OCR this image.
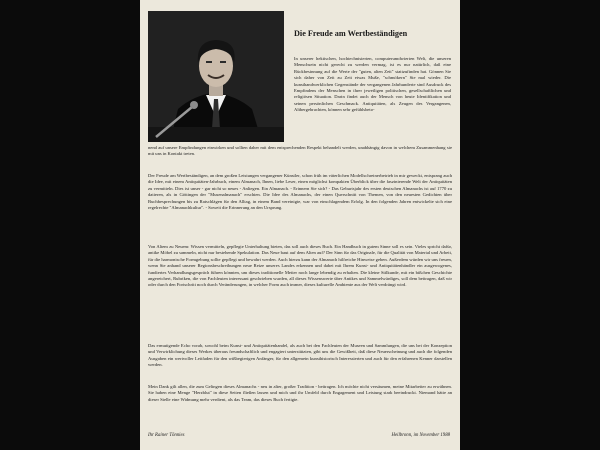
Die Freude am Wertbeständigen

In unserer hektischen, hochtechnisierten, computerumdwierten Welt, die unseren Menschsein nicht gerecht zu werden vermag, ist es nur natürlich, daß eine Rückbesinnung auf die Werte der "guten, alten Zeit" stattzufinden hat. Gönnen Sie sich daher von Zeit zu Zeit etwas Muße, "schmökern" Sie mal wieder. Die kunsthandwerklichen Gegenstände der vergangenen Jahrhunderte sind Ausdruck des Empfindens der Menschen in ihrer jeweiligen politischen, gesellschaftlichen und religiösen Situation. Darin findet auch der Mensch von heute Identifikation und seinen persönlichen Geschmack. Antiquitäten, als Zeugen des Vergangenen, Altbergebrachten, können sehr gefühlsbeto-

nend auf unsere Empfindungen einwirken und sollten daher mit dem entsprechenden Respekt behandelt werden, unabhängig davon in welchem Zusammenhang sie mit uns in Kontakt treten.

Der Freude am Wertbeständigen, an dem großen Leistungen vergangener Künstler, schon früh im väterlichen Modellschreinerbetrieb in mir geweckt, entsprang auch die Idee, mit einem Antiquitäten-Jahrbuch, einem Almanach, Ihnen, liebe Leser, einen möglichst kompakten Überblick über die faszinierende Welt der Antiquitäten zu vermitteln. Dies ist unser - gar nicht so neues - Anliegen. Ein Almanach. - Erinnern Sie sich? - Das Geburtsjahr des ersten deutschen Almanachs ist auf 1770 zu datieren, als in Göttingen der "Musenalmanach" erschien. Die Idee des Almanachs, der einen Querschnitt von Themen, von den neuesten Gedichten über Buchbesprechungen bis zu Ratschlägen für den Alltag, in einem Band vereinigte, war von einschlagendem Erfolg. In den folgenden Jahren entwickelte sich eine regelrechte "Almanachkultur". - Soweit die Erinnerung an den Ursprung.

Von Altem zu Neuem: Wissen vermitteln, gepflegte Unterhaltung bieten, das soll auch dieses Buch. Ein Handbuch in gutem Sinne soll es sein. Vieles spricht dafür, antike Möbel zu sammeln, nicht nur bestehende Spekulation. Das Neue baut auf dem Alten auf? Der Sinn für das Originale, für die Qualität von Material und Arbeit, für die harmonische Formgebung sollte gepflegt und bewahrt werden. Auch hierzu kann der Almanach hilfreiche Hinweise geben. Außerdem würden wir uns freuen, wenn Sie anhand unserer Regionsbeschreibungen neue Reize unseres Landes erkennen und dabei mit Ihrem Kunst- und Antiquitätenhändler ein ausgewogenes, fundiertes Verhandlungsgespräch führen könnten, um dieses traditionelle Metier noch lange lebendig zu erhalten. Die kleine Stilkunde, mit ein bißchen Geschichte angereichert, Rubriken, die von Fachleuten interessant geschrieben wurden, all dieses Wissenswerte über Antikes und Sammelwürdiges, soll dem beitragen, daß wir oder durch den Fortschritt noch durch Veränderungen, in welcher Form auch immer, dieses kulturelle Ambiente aus der Welt verdrängt wird.

Das ermutigende Echo vorab, sowohl beim Kunst- und Antiquitätenhandel, als auch bei den Fachleuten der Museen und Sammlungen, die uns bei der Konzeption und Verwirklichung dieses Werkes überaus freundschaftlich und engagiert unterstützten, gibt uns die Gewißheit, daß diese Neuerscheinung und auch die folgenden Ausgaben ein wertvoller Leitfaden für den wißbegierigen Anfänger, für den allgemein kunsthistorisch Interessierten und auch für den erfahrenen Kenner darstellen werden.

Mein Dank gilt allen, die zum Gelingen dieses Almanachs - neu in alter, großer Tradition - beitragen. Ich möchte nicht versäumen, meine Mitarbeiter zu erwähnen. Sie haben eine Menge "Herzblut" in diese Seiten fließen lassen und mich und ihr Umfeld durch Engagement und Leistung stark beeindruckt. Niemand hätte an dieser Stelle eine Widmung mehr verdient, als das Team, das dieses Buch fertigte.

Ihr Rainer Tönnies	Heilbronn, im November 1988
